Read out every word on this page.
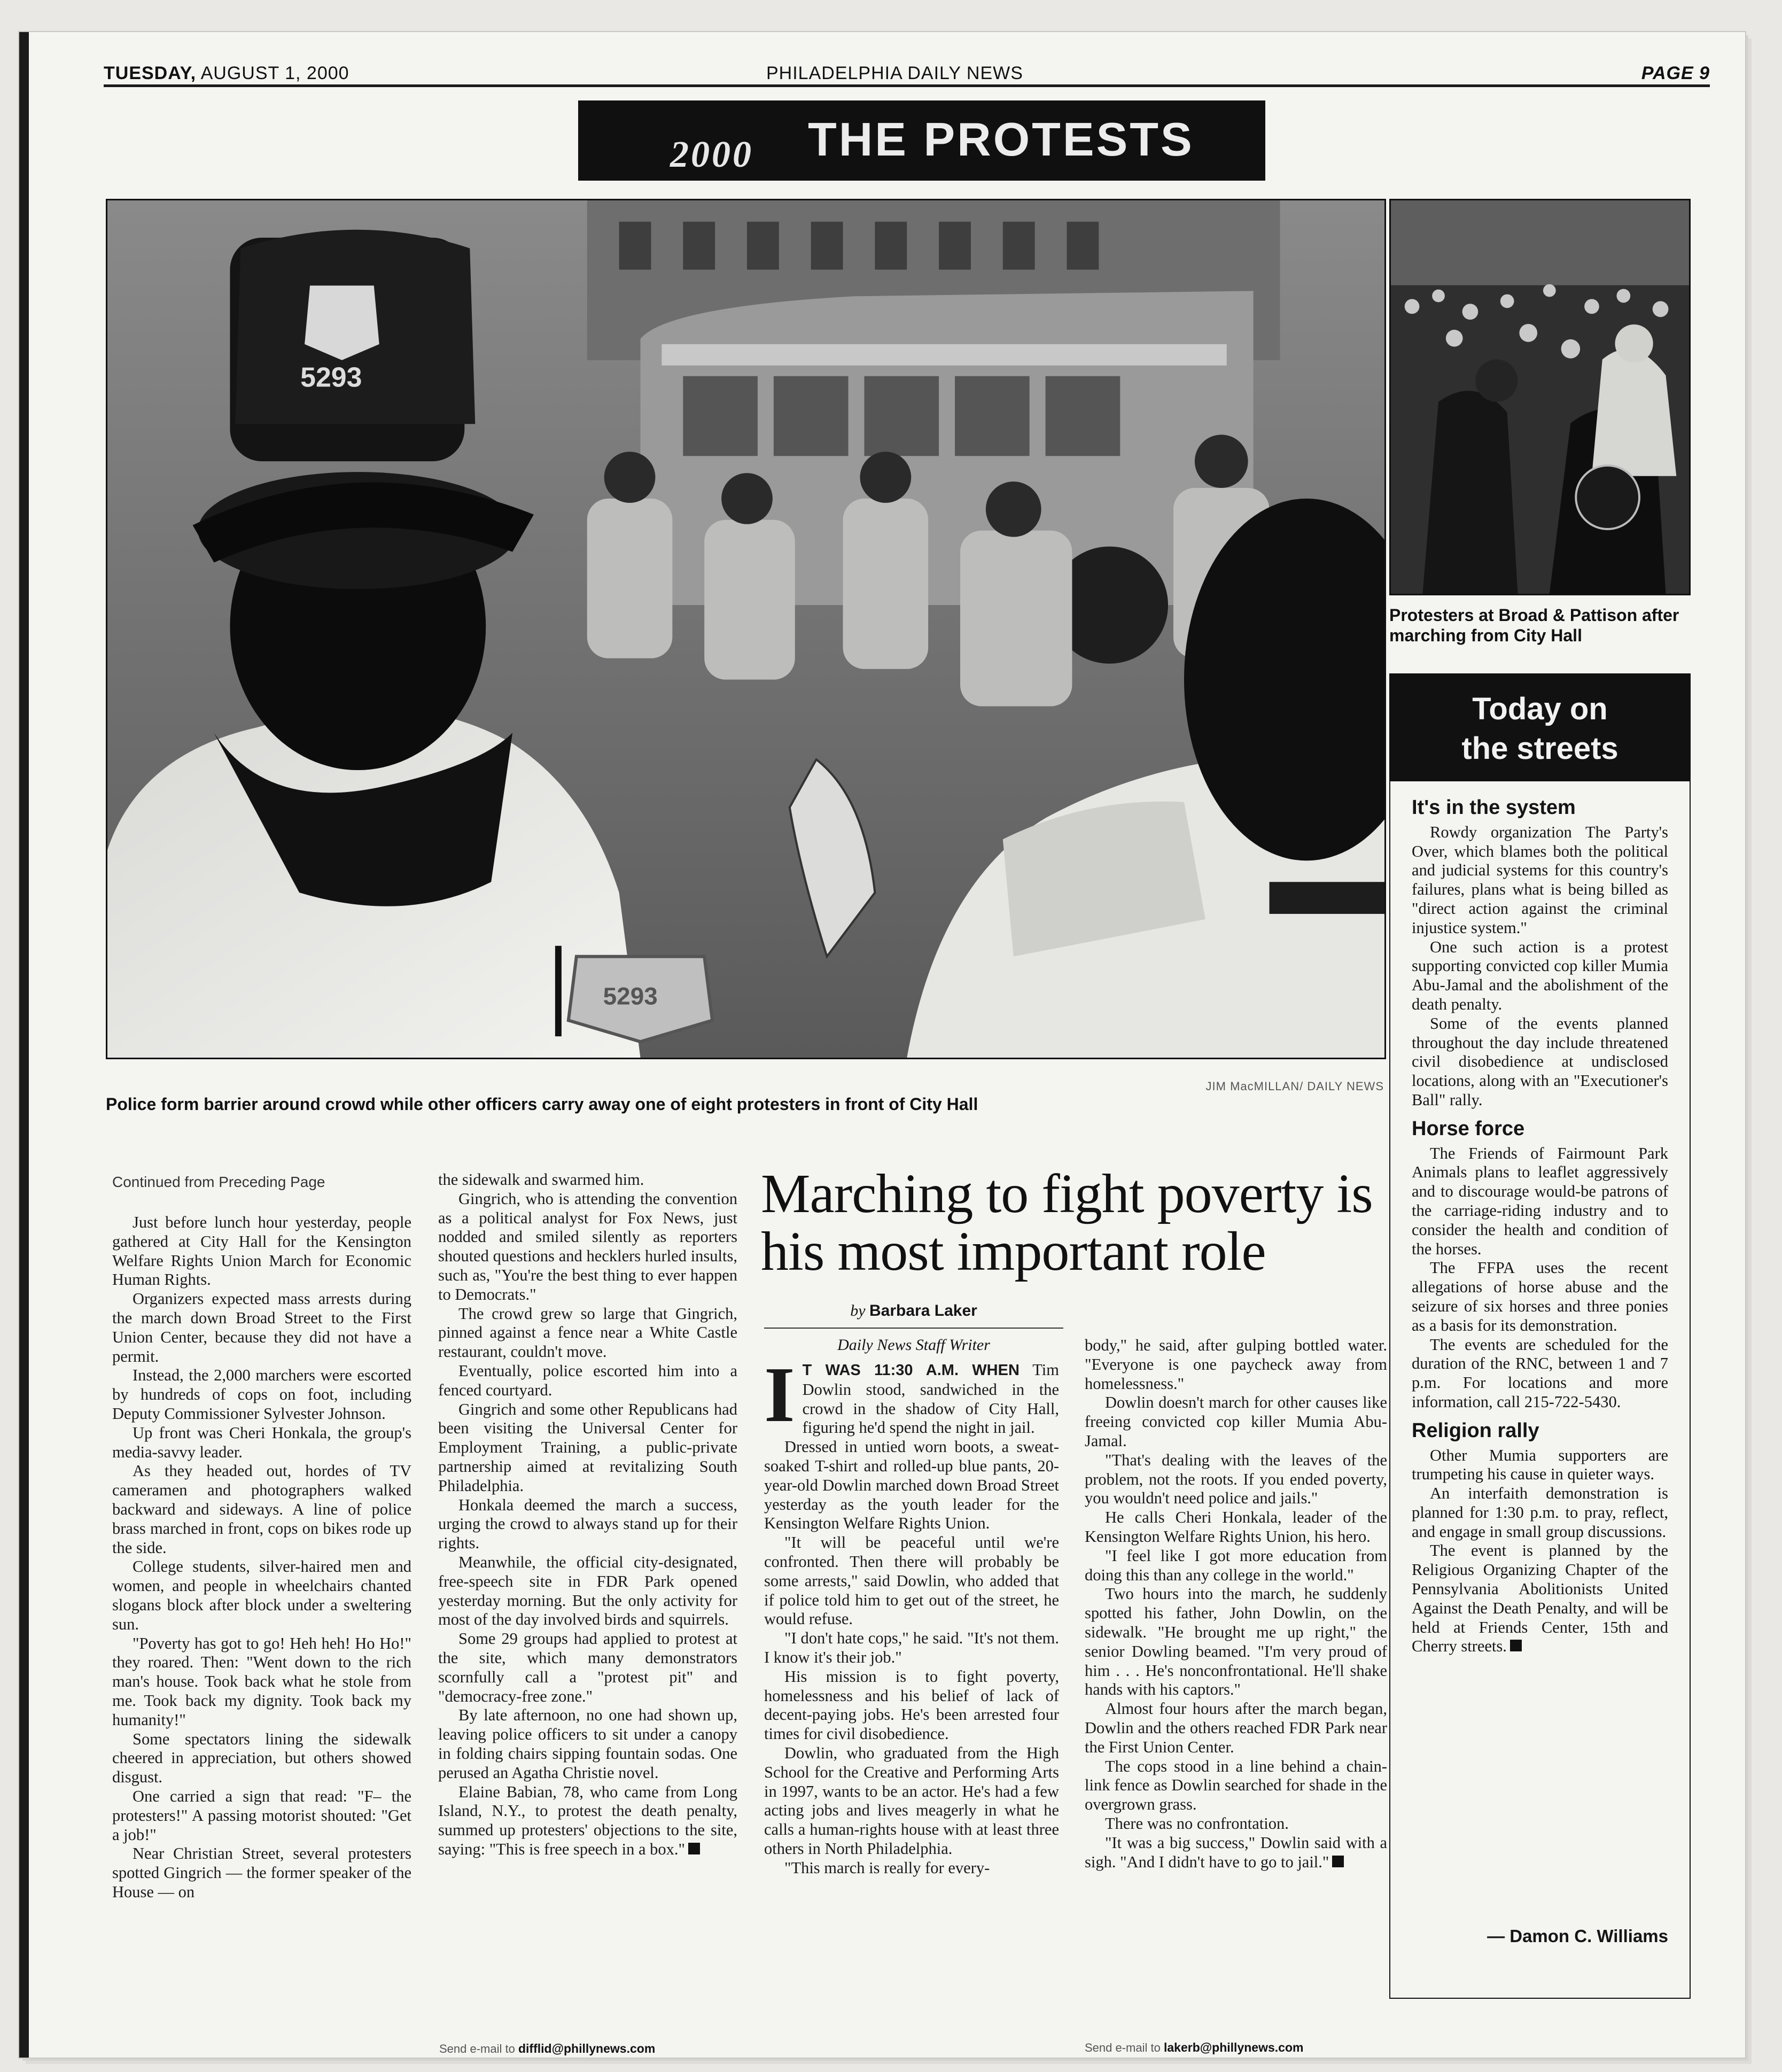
TUESDAY, AUGUST 1, 2000	PHILADELPHIA DAILY NEWS	PAGE 9
2000 THE PROTESTS
5293
5293
JIM MacMILLAN/ DAILY NEWS
Police form barrier around crowd while other officers carry away one of eight protesters in front of City Hall
Protesters at Broad & Pattison after marching from City Hall
Continued from Preceding Page

Just before lunch hour yesterday, people gathered at City Hall for the Kensington Welfare Rights Union March for Economic Human Rights.

Organizers expected mass arrests during the march down Broad Street to the First Union Center, because they did not have a permit.

Instead, the 2,000 marchers were escorted by hundreds of cops on foot, including Deputy Commissioner Sylvester Johnson.

Up front was Cheri Honkala, the group's media-savvy leader.

As they headed out, hordes of TV cameramen and photographers walked backward and sideways. A line of police brass marched in front, cops on bikes rode up the side.

College students, silver-haired men and women, and people in wheelchairs chanted slogans block after block under a sweltering sun.

"Poverty has got to go! Heh heh! Ho Ho!" they roared. Then: "Went down to the rich man's house. Took back what he stole from me. Took back my dignity. Took back my humanity!"

Some spectators lining the sidewalk cheered in appreciation, but others showed disgust.

One carried a sign that read: "F– the protesters!" A passing motorist shouted: "Get a job!"

Near Christian Street, several protesters spotted Gingrich — the former speaker of the House — on

the sidewalk and swarmed him.

Gingrich, who is attending the convention as a political analyst for Fox News, just nodded and smiled silently as reporters shouted questions and hecklers hurled insults, such as, "You're the best thing to ever happen to Democrats."

The crowd grew so large that Gingrich, pinned against a fence near a White Castle restaurant, couldn't move.

Eventually, police escorted him into a fenced courtyard.

Gingrich and some other Republicans had been visiting the Universal Center for Employment Training, a public-private partnership aimed at revitalizing South Philadelphia.

Honkala deemed the march a success, urging the crowd to always stand up for their rights.

Meanwhile, the official city-designated, free-speech site in FDR Park opened yesterday morning. But the only activity for most of the day involved birds and squirrels.

Some 29 groups had applied to protest at the site, which many demonstrators scornfully call a "protest pit" and "democracy-free zone."

By late afternoon, no one had shown up, leaving police officers to sit under a canopy in folding chairs sipping fountain sodas. One perused an Agatha Christie novel.

Elaine Babian, 78, who came from Long Island, N.Y., to protest the death penalty, summed up protesters' objections to the site, saying: "This is free speech in a box."

Send e-mail to difflid@phillynews.com
Marching to fight poverty is his most important role
by Barbara Laker
Daily News Staff Writer

I T WAS 11:30 A.M. WHEN Tim Dowlin stood, sandwiched in the crowd in the shadow of City Hall, figuring he'd spend the night in jail.

Dressed in untied worn boots, a sweat-soaked T-shirt and rolled-up blue pants, 20-year-old Dowlin marched down Broad Street yesterday as the youth leader for the Kensington Welfare Rights Union.

"It will be peaceful until we're confronted. Then there will probably be some arrests," said Dowlin, who added that if police told him to get out of the street, he would refuse.

"I don't hate cops," he said. "It's not them. I know it's their job."

His mission is to fight poverty, homelessness and his belief of lack of decent-paying jobs. He's been arrested four times for civil disobedience.

Dowlin, who graduated from the High School for the Creative and Performing Arts in 1997, wants to be an actor. He's had a few acting jobs and lives meagerly in what he calls a human-rights house with at least three others in North Philadelphia.

"This march is really for every-

body," he said, after gulping bottled water. "Everyone is one paycheck away from homelessness."

Dowlin doesn't march for other causes like freeing convicted cop killer Mumia Abu-Jamal.

"That's dealing with the leaves of the problem, not the roots. If you ended poverty, you wouldn't need police and jails."

He calls Cheri Honkala, leader of the Kensington Welfare Rights Union, his hero.

"I feel like I got more education from doing this than any college in the world."

Two hours into the march, he suddenly spotted his father, John Dowlin, on the sidewalk. "He brought me up right," the senior Dowling beamed. "I'm very proud of him . . . He's nonconfrontational. He'll shake hands with his captors."

Almost four hours after the march began, Dowlin and the others reached FDR Park near the First Union Center.

The cops stood in a line behind a chain-link fence as Dowlin searched for shade in the overgrown grass.

There was no confrontation.

"It was a big success," Dowlin said with a sigh. "And I didn't have to go to jail."

Send e-mail to lakerb@phillynews.com
Today on
the streets
It's in the system

Rowdy organization The Party's Over, which blames both the political and judicial systems for this country's failures, plans what is being billed as "direct action against the criminal injustice system."

One such action is a protest supporting convicted cop killer Mumia Abu-Jamal and the abolishment of the death penalty.

Some of the events planned throughout the day include threatened civil disobedience at undisclosed locations, along with an "Executioner's Ball" rally.

Horse force

The Friends of Fairmount Park Animals plans to leaflet aggressively and to discourage would-be patrons of the carriage-riding industry and to consider the health and condition of the horses.

The FFPA uses the recent allegations of horse abuse and the seizure of six horses and three ponies as a basis for its demonstration.

The events are scheduled for the duration of the RNC, between 1 and 7 p.m. For locations and more information, call 215-722-5430.

Religion rally

Other Mumia supporters are trumpeting his cause in quieter ways.

An interfaith demonstration is planned for 1:30 p.m. to pray, reflect, and engage in small group discussions.

The event is planned by the Religious Organizing Chapter of the Pennsylvania Abolitionists United Against the Death Penalty, and will be held at Friends Center, 15th and Cherry streets.

— Damon C. Williams
